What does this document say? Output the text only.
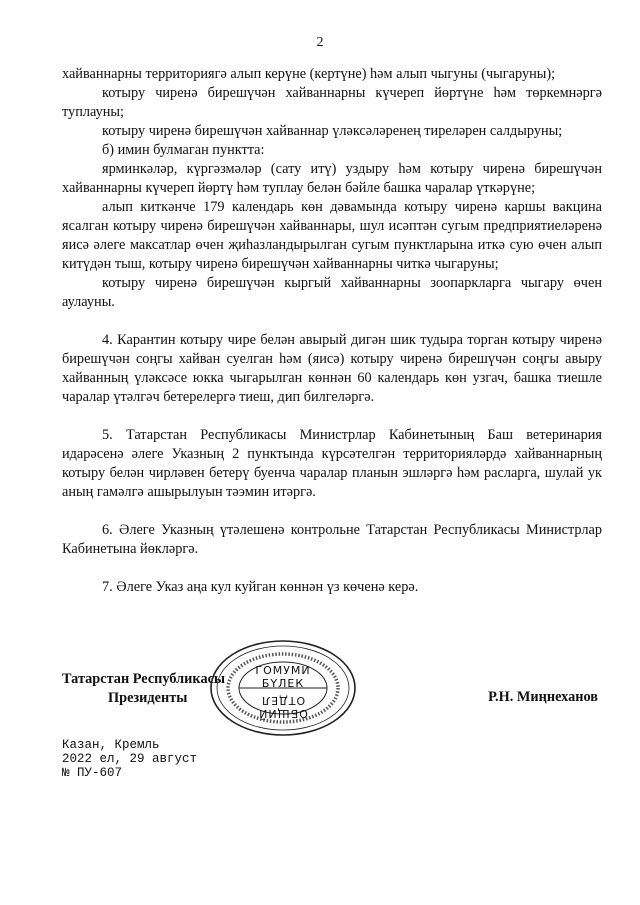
2

хайваннарны территориягә алып керүне (кертүне) һәм алып чыгуны (чыгаруны);

котыру чиренә бирешүчән хайваннарны күчереп йөртүне һәм төркемнәргә туплауны;

котыру чиренә бирешүчән хайваннар үләксәләренең тиреләрен салдыруны;

б) имин булмаган пунктта:

ярминкәләр, күргәзмәләр (сату итү) уздыру һәм котыру чиренә бирешүчән хайваннарны күчереп йөртү һәм туплау белән бәйле башка чаралар үткәрүне;

алып киткәнче 179 календарь көн дәвамында котыру чиренә каршы вакцина ясалган котыру чиренә бирешүчән хайваннары, шул исәптән сугым предприятиеләренә яисә әлеге максатлар өчен җиһазландырылган сугым пунктларына иткә сую өчен алып китүдән тыш, котыру чиренә бирешүчән хайваннарны читкә чыгаруны;

котыру чиренә бирешүчән кыргый хайваннарны зоопаркларга чыгару өчен аулауны.

4. Карантин котыру чире белән авырый дигән шик тудыра торган котыру чиренә бирешүчән соңгы хайван суелган һәм (яисә) котыру чиренә бирешүчән соңгы авыру хайванның үләксәсе юкка чыгарылган көннән 60 календарь көн узгач, башка тиешле чаралар үтәлгәч бетерелергә тиеш, дип билгеләргә.

5. Татарстан Республикасы Министрлар Кабинетының Баш ветеринария идарәсенә әлеге Указның 2 пунктында күрсәтелгән территорияләрдә хайваннарның котыру белән чирләвен бетерү буенча чаралар планын эшләргә һәм расларга, шулай ук аның гамәлгә ашырылуын тәэмин итәргә.

6. Әлеге Указның үтәлешенә контрольне Татарстан Республикасы Министрлар Кабинетына йөкләргә.

7. Әлеге Указ аңа кул куйган көннән үз көченә керә.

Татарстан Республикасы
Президенты
ГОМУМИ
БҮЛЕК
ОТДЕЛ
ОБЩИЙ
Р.Н. Миңнеханов
Казан, Кремль
2022 ел, 29 август
№ ПУ-607
